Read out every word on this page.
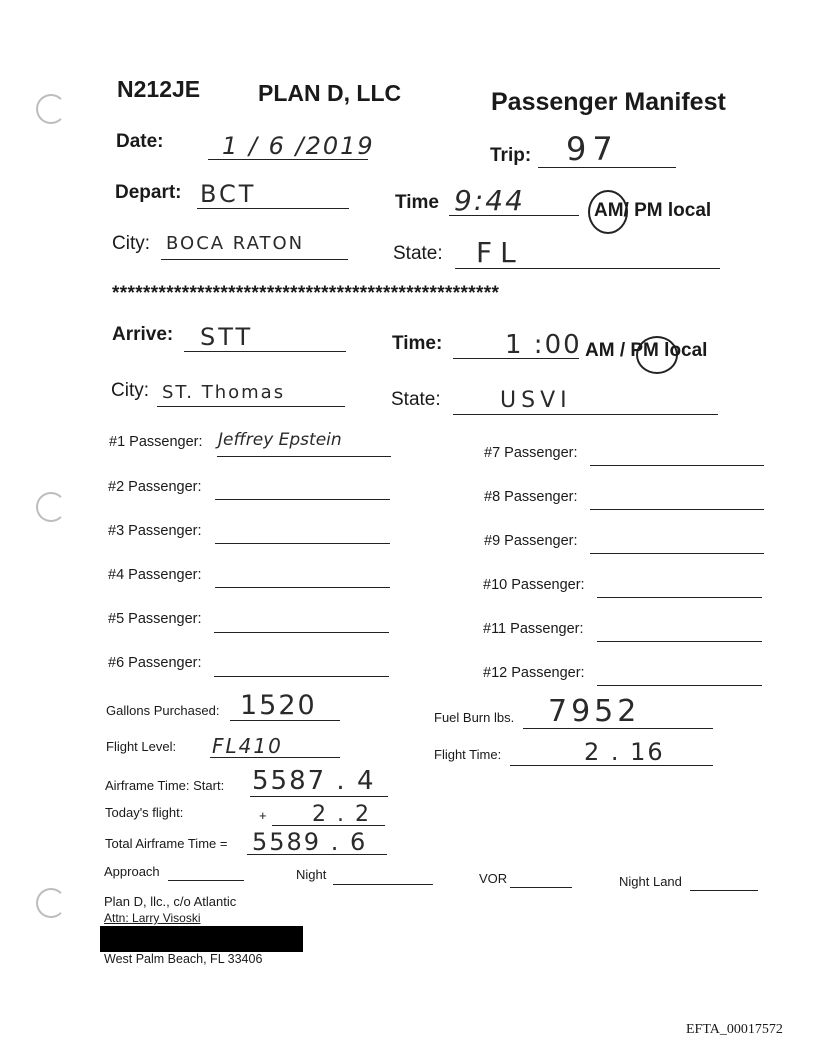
N212JE	PLAN D, LLC	Passenger Manifest
Date: 1 / 6 /2019	Trip: 97
Depart: BCT	Time 9:44	AM/ PM local
City: BOCA RATON	State: FL
**************************************************
Arrive: STT	Time: 1 :00 AM / PM local
City: ST. Thomas	State:	USVI
#1 Passenger: Jeffrey Epstein
#2 Passenger:
#3 Passenger:
#4 Passenger:
#5 Passenger:
#6 Passenger:
#7 Passenger:
#8 Passenger:
#9 Passenger:
#10 Passenger:
#11 Passenger:
#12 Passenger:
Gallons Purchased: 1520	Fuel Burn lbs. 7952
Flight Level: FL410	Flight Time:	2 . 16
Airframe Time: Start: 5587 . 4
Today's flight:	+ 2 . 2
Total Airframe Time = 5589 . 6
Approach	Night	VOR	Night Land
Plan D, llc., c/o Atlantic
Attn: Larry Visoski
West Palm Beach, FL 33406
EFTA_00017572
